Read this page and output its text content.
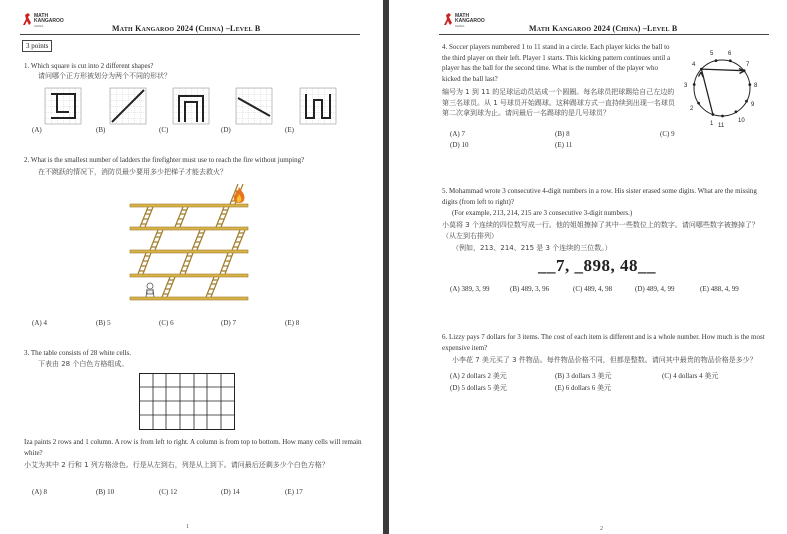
MATH
KANGAROO
CHINA	Math Kangaroo 2024 (China) –Level B
3 points
1. Which square is cut into 2 different shapes?
请问哪个正方形被划分为两个不同的形状？
(A)	(B)	(C)	(D)	(E)
2. What is the smallest number of ladders the firefighter must use to reach the fire without jumping?
在不跳跃的情况下，消防员最少要用多少把梯子才能去救火？
(A) 4	(B) 5	(C) 6	(D) 7	(E) 8
3. The table consists of 28 white cells.
下表由 28 个白色方格组成。
Iza paints 2 rows and 1 column. A row is from left to right. A column is from top to bottom. How many cells will remain white?
小艾为其中 2 行和 1 列方格涂色。行是从左到右，列是从上到下。请问最后还剩多少个白色方格？
(A) 8	(B) 10	(C) 12	(D) 14	(E) 17
1
MATH
KANGAROO
CHINA	Math Kangaroo 2024 (China) –Level B
4. Soccer players numbered 1 to 11 stand in a circle. Each player kicks the ball to the third player on their left. Player 1 starts. This kicking pattern continues until a player has the ball for the second time. What is the number of the player who kicked the ball last?
编号为 1 到 11 的足球运动员站成一个圆圈。每名球员把球踢给自己左边的第三名球员。从 1 号球员开始踢球。这种踢球方式一直持续到出现一名球员第二次拿到球为止。请问最后一名踢球的是几号球员？
1
2
3
4
5 6
7
8
9
10
11
(A) 7	(B) 8	(C) 9
(D) 10	(E) 11
5. Mohammad wrote 3 consecutive 4-digit numbers in a row. His sister erased some digits. What are the missing digits (from left to right)?
(For example, 213, 214, 215 are 3 consecutive 3-digit numbers.)
小莫将 3 个连续的四位数写成一行。他的姐姐擦掉了其中一些数位上的数字。请问哪些数字被擦掉了？（从左到右排列）
（例如，213、214、215 是 3 个连续的三位数。）
__7, _898, 48__
(A) 389, 3, 99	(B) 489, 3, 96	(C) 489, 4, 98	(D) 489, 4, 99	(E) 488, 4, 99
6. Lizzy pays 7 dollars for 3 items. The cost of each item is different and is a whole number. How much is the most expensive item?
小李花 7 美元买了 3 件物品。每件物品价格不同，但都是整数。请问其中最贵的物品价格是多少？
(A) 2 dollars 2 美元	(B) 3 dollars 3 美元	(C) 4 dollars 4 美元
(D) 5 dollars 5 美元	(E) 6 dollars 6 美元
2
